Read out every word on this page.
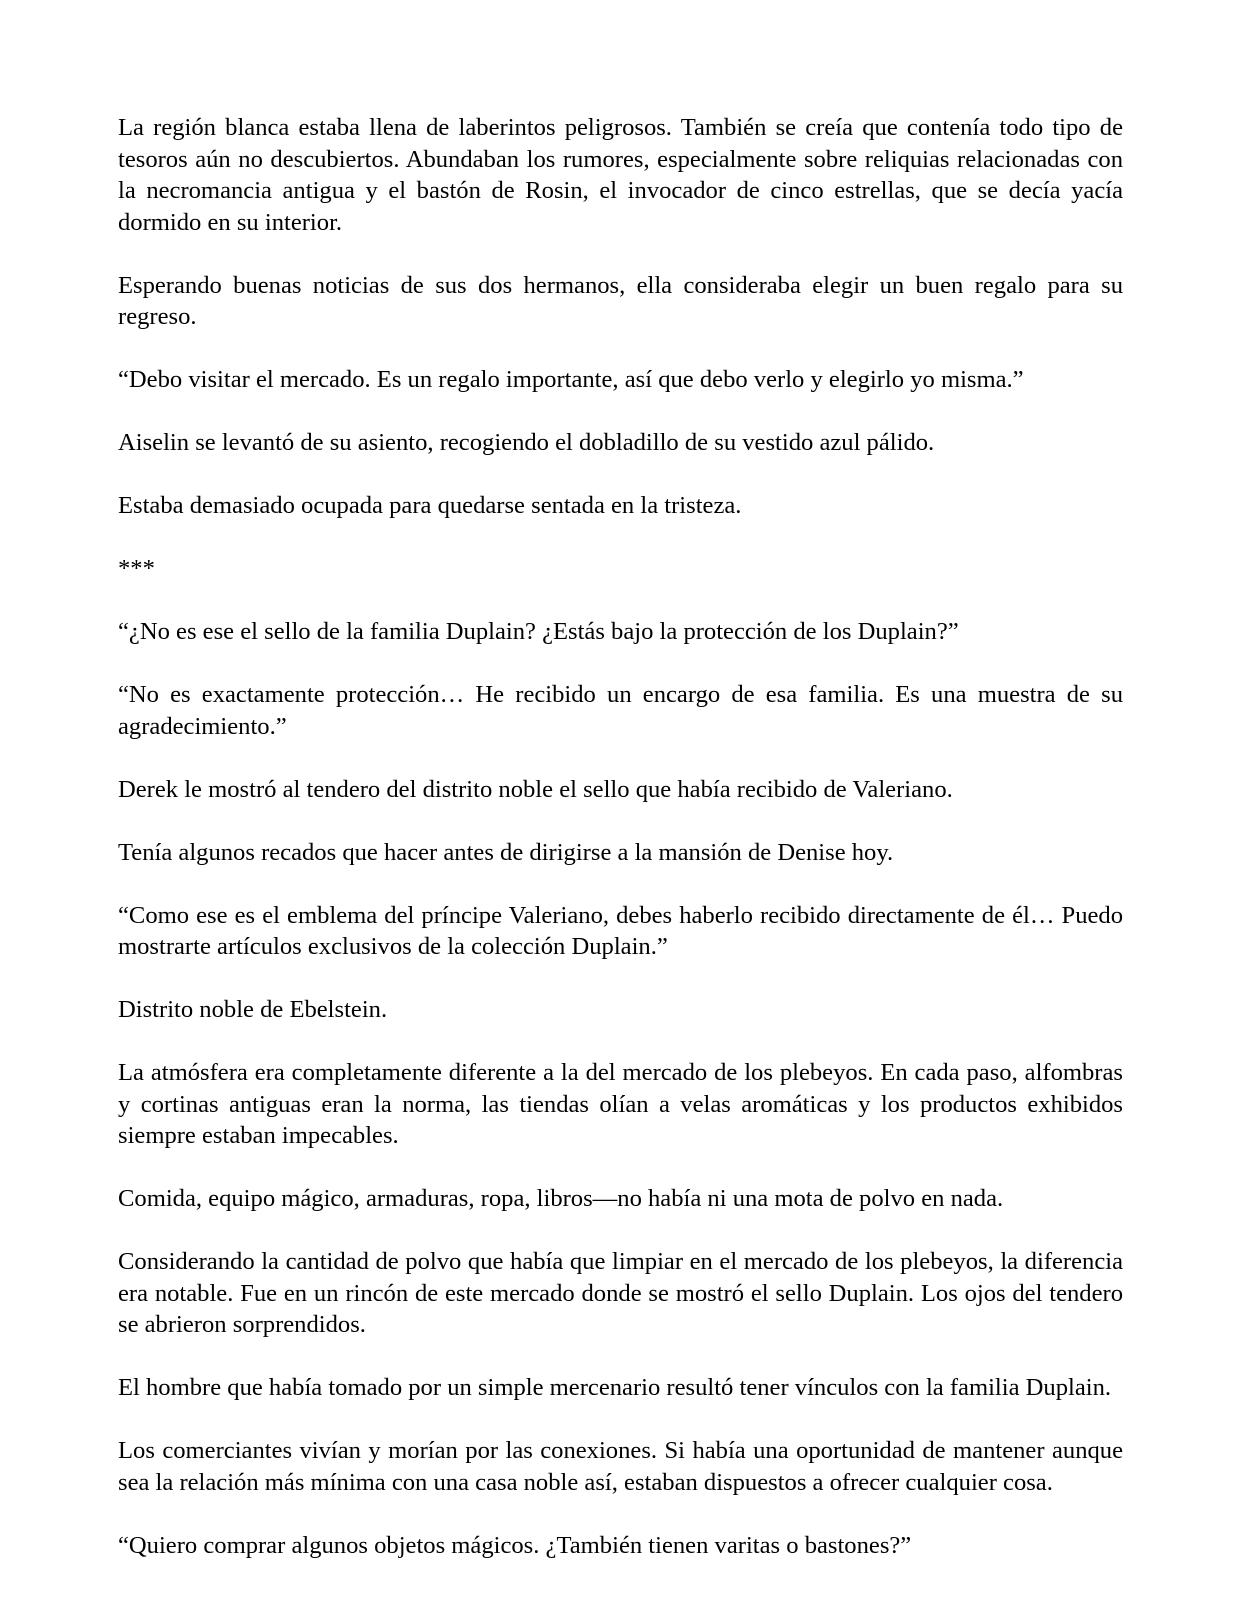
La región blanca estaba llena de laberintos peligrosos. También se creía que contenía todo tipo de tesoros aún no descubiertos. Abundaban los rumores, especialmente sobre reliquias relacionadas con la necromancia antigua y el bastón de Rosin, el invocador de cinco estrellas, que se decía yacía dormido en su interior.

Esperando buenas noticias de sus dos hermanos, ella consideraba elegir un buen regalo para su regreso.

“Debo visitar el mercado. Es un regalo importante, así que debo verlo y elegirlo yo misma.”

Aiselin se levantó de su asiento, recogiendo el dobladillo de su vestido azul pálido.

Estaba demasiado ocupada para quedarse sentada en la tristeza.

***

“¿No es ese el sello de la familia Duplain? ¿Estás bajo la protección de los Duplain?”

“No es exactamente protección… He recibido un encargo de esa familia. Es una muestra de su agradecimiento.”

Derek le mostró al tendero del distrito noble el sello que había recibido de Valeriano.

Tenía algunos recados que hacer antes de dirigirse a la mansión de Denise hoy.

“Como ese es el emblema del príncipe Valeriano, debes haberlo recibido directamente de él… Puedo mostrarte artículos exclusivos de la colección Duplain.”

Distrito noble de Ebelstein.

La atmósfera era completamente diferente a la del mercado de los plebeyos. En cada paso, alfombras y cortinas antiguas eran la norma, las tiendas olían a velas aromáticas y los productos exhibidos siempre estaban impecables.

Comida, equipo mágico, armaduras, ropa, libros—no había ni una mota de polvo en nada.

Considerando la cantidad de polvo que había que limpiar en el mercado de los plebeyos, la diferencia era notable. Fue en un rincón de este mercado donde se mostró el sello Duplain. Los ojos del tendero se abrieron sorprendidos.

El hombre que había tomado por un simple mercenario resultó tener vínculos con la familia Duplain.

Los comerciantes vivían y morían por las conexiones. Si había una oportunidad de mantener aunque sea la relación más mínima con una casa noble así, estaban dispuestos a ofrecer cualquier cosa.

“Quiero comprar algunos objetos mágicos. ¿También tienen varitas o bastones?”
